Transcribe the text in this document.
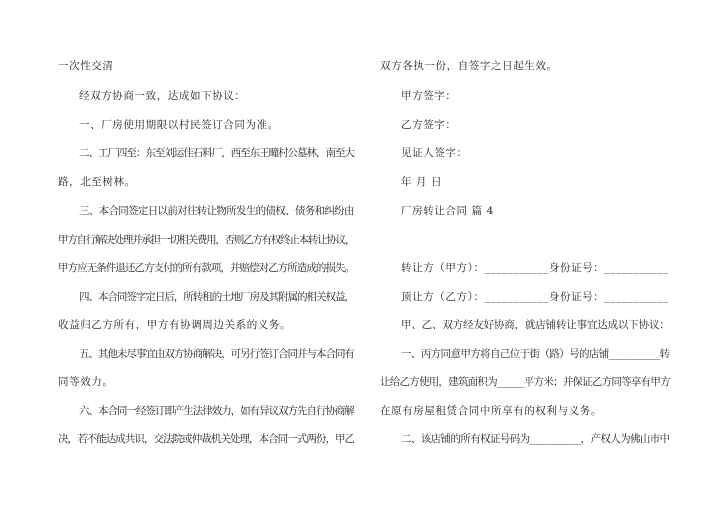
一次性交清
经双方协商一致，达成如下协议：
一、厂房使用期限以村民签订合同为准。
二、工厂四至：东至刘运佳石料厂，西至东王疃村公墓林，南至大
路，北至树林。
三、本合同签定日以前对往转让物所发生的债权、债务和纠纷由
甲方自行解决处理并承担一切相关费用，否则乙方有权终止本转让协议，
甲方应无条件退还乙方支付的所有款项，并赔偿对乙方所造成的损失。
四、本合同签字定日后，所转租的土地厂房及其附属的相关权益，
收益归乙方所有，甲方有协调周边关系的义务。
五、其他未尽事宜由双方协商解决，可另行签订合同并与本合同有
同等效力。
六、本合同一经签订即产生法律效力，如有异议双方先自行协商解
决，若不能达成共识，交法院或仲裁机关处理，本合同一式两份，甲乙
双方各执一份，自签字之日起生效。
甲方签字：
乙方签字：
见证人签字：
年 月 日
厂房转让合同 篇 4
转让方（甲方）：___________身份证号：___________
顶让方（乙方）：___________身份证号：___________
甲、乙、双方经友好协商，就店铺转让事宜达成以下协议：
一、丙方同意甲方将自己位于街（路）号的店铺___________转
让给乙方使用，建筑面积为______平方米；并保证乙方同等享有甲方
在原有房屋租赁合同中所享有的权利与义务。
二、该店铺的所有权证号码为___________，产权人为佛山市中
